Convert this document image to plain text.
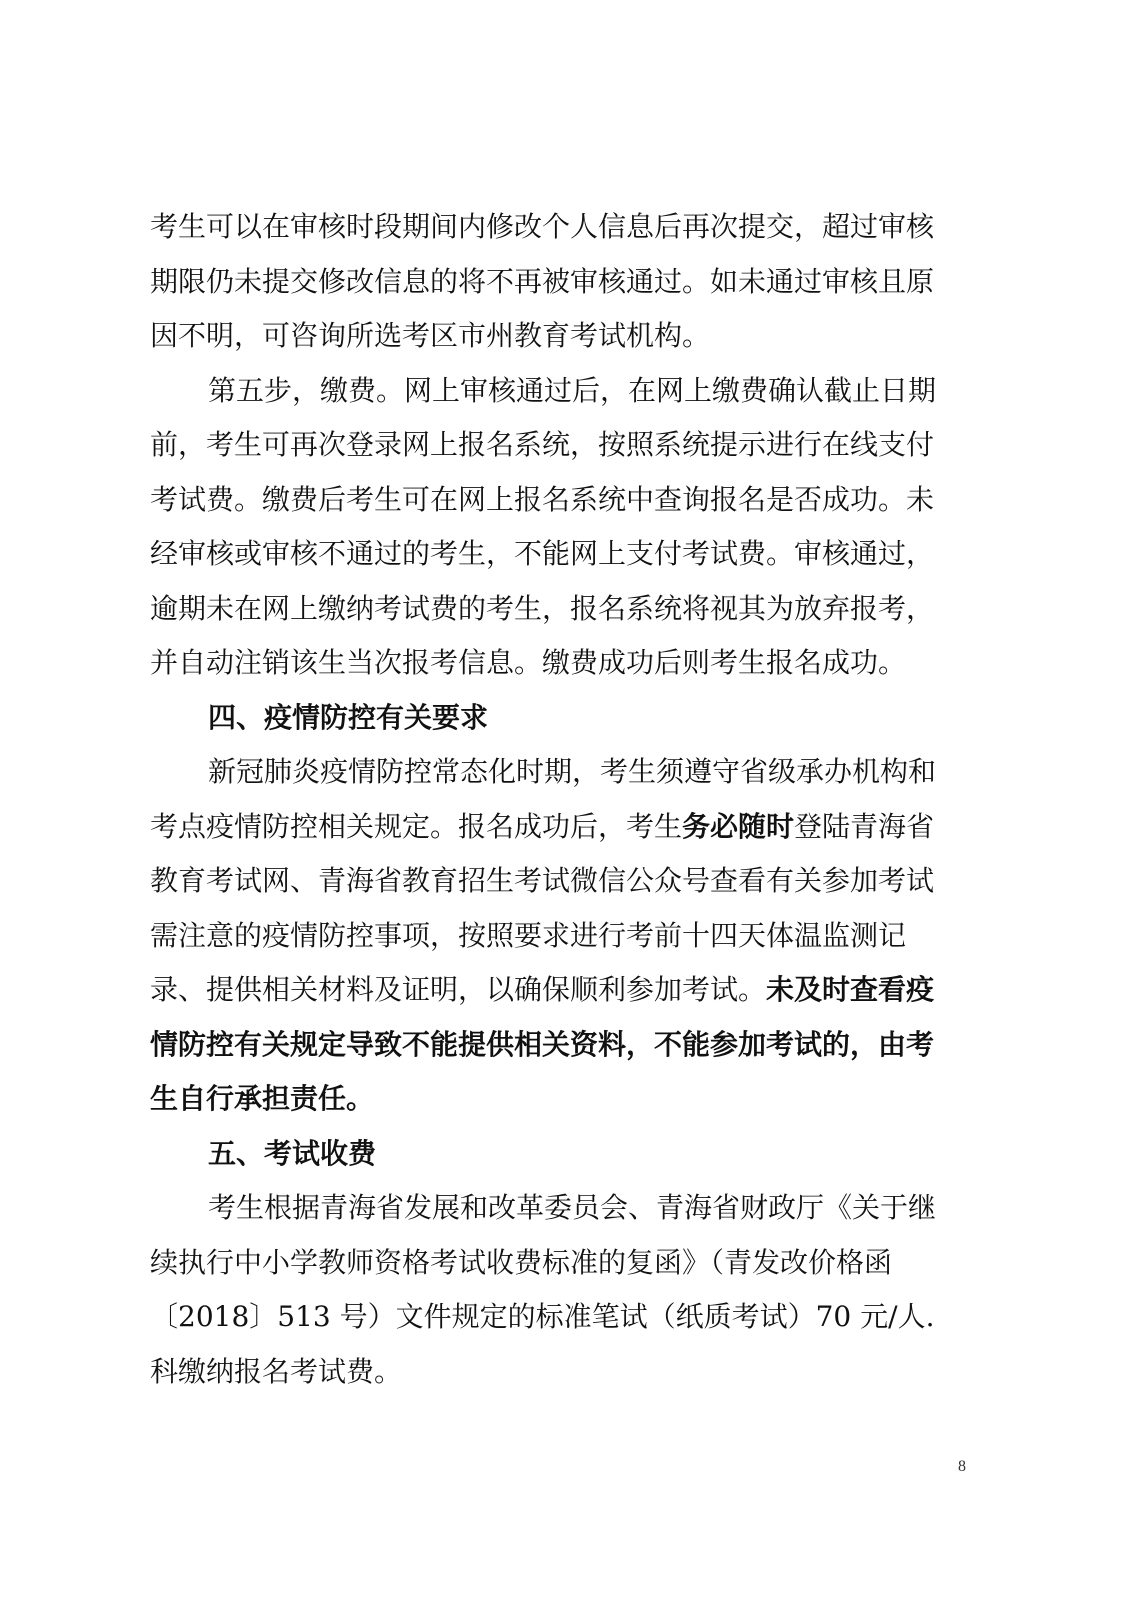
考生可以在审核时段期间内修改个人信息后再次提交，超过审核
期限仍未提交修改信息的将不再被审核通过。如未通过审核且原
因不明，可咨询所选考区市州教育考试机构。
第五步，缴费。网上审核通过后，在网上缴费确认截止日期
前，考生可再次登录网上报名系统，按照系统提示进行在线支付
考试费。缴费后考生可在网上报名系统中查询报名是否成功。未
经审核或审核不通过的考生，不能网上支付考试费。审核通过，
逾期未在网上缴纳考试费的考生，报名系统将视其为放弃报考，
并自动注销该生当次报考信息。缴费成功后则考生报名成功。
四、疫情防控有关要求
新冠肺炎疫情防控常态化时期，考生须遵守省级承办机构和
考点疫情防控相关规定。报名成功后，考生务必随时登陆青海省
教育考试网、青海省教育招生考试微信公众号查看有关参加考试
需注意的疫情防控事项，按照要求进行考前十四天体温监测记
录、提供相关材料及证明，以确保顺利参加考试。未及时查看疫
情防控有关规定导致不能提供相关资料，不能参加考试的，由考
生自行承担责任。
五、考试收费
考生根据青海省发展和改革委员会、青海省财政厅《关于继
续执行中小学教师资格考试收费标准的复函》（青发改价格函
〔2018〕513 号）文件规定的标准笔试（纸质考试）70 元/人.
科缴纳报名考试费。
8
